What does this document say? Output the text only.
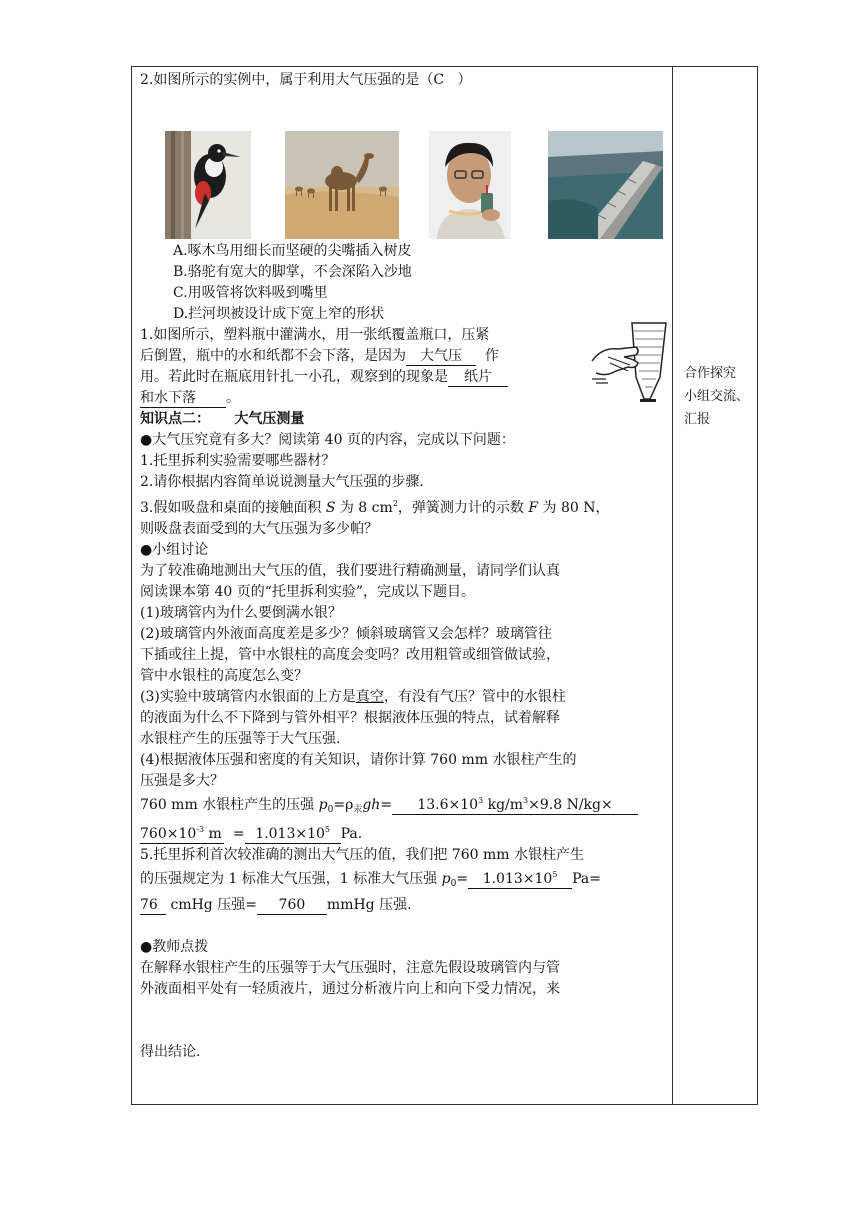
2.如图所示的实例中，属于利用大气压强的是（C ）
A.啄木鸟用细长而坚硬的尖嘴插入树皮
B.骆驼有宽大的脚掌，不会深陷入沙地
C.用吸管将饮料吸到嘴里
D.拦河坝被设计成下宽上窄的形状
1.如图所示，塑料瓶中灌满水，用一张纸覆盖瓶口，压紧
后倒置，瓶中的水和纸都不会下落，是因为 大气压 作
用。若此时在瓶底用针扎一小孔，观察到的现象是 纸片
和水下落 。
知识点二： 大气压测量
●大气压究竟有多大？阅读第 40 页的内容，完成以下问题：
1.托里拆利实验需要哪些器材？
2.请你根据内容简单说说测量大气压强的步骤.
3.假如吸盘和桌面的接触面积 S 为 8 $cm^2$，弹簧测力计的示数 F 为 80 N，
则吸盘表面受到的大气压强为多少帕？
●小组讨论
为了较准确地测出大气压的值，我们要进行精确测量，请同学们认真
阅读课本第 40 页的“托里拆利实验”，完成以下题目。
(1)玻璃管内为什么要倒满水银？
(2)玻璃管内外液面高度差是多少？倾斜玻璃管又会怎样？玻璃管往
下插或往上提，管中水银柱的高度会变吗？改用粗管或细管做试验，
管中水银柱的高度怎么变？
(3)实验中玻璃管内水银面的上方是真空，有没有气压？管中的水银柱
的液面为什么不下降到与管外相平？根据液体压强的特点，试着解释
水银柱产生的压强等于大气压强.
(4)根据液体压强和密度的有关知识，请你计算 760 mm 水银柱产生的
压强是多大？
760 mm 水银柱产生的压强 $p_0=\rho_汞gh= 13.6\times 10^3$ $kg/m^3\times 9.8$ N/kg×
$760\times 10^{-3}$ $m = 1.013\times 10^5$ Pa.
5.托里拆利首次较准确的测出大气压的值，我们把 760 mm 水银柱产生
的压强规定为 1 标准大气压强，1 标准大气压强 $p_0= 1.013\times 10^5$ Pa=
76 cmHg 压强= 760 mmHg 压强.
●教师点拨
在解释水银柱产生的压强等于大气压强时，注意先假设玻璃管内与管
外液面相平处有一轻质液片，通过分析液片向上和向下受力情况，来
得出结论.
合作探究
小组交流、
汇报
